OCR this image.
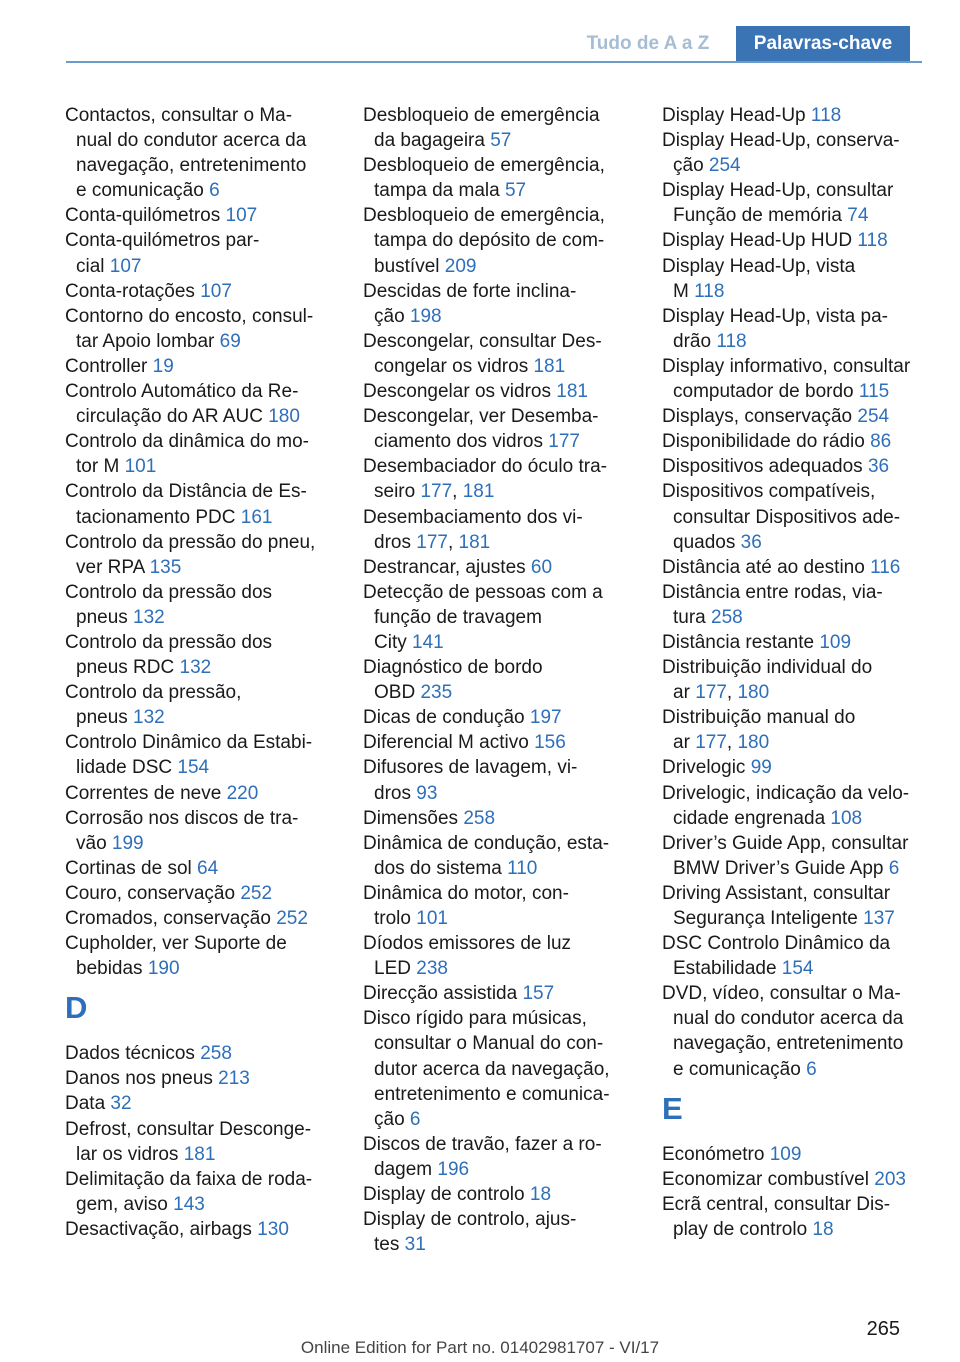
Tudo de A a Z	Palavras-chave
Contactos, consultar o Ma-
nual do condutor acerca da
navegação, entretenimento
e comunicação 6
Conta-quilómetros 107
Conta-quilómetros par-
cial 107
Conta-rotações 107
Contorno do encosto, consul-
tar Apoio lombar 69
Controller 19
Controlo Automático da Re-
circulação do AR AUC 180
Controlo da dinâmica do mo-
tor M 101
Controlo da Distância de Es-
tacionamento PDC 161
Controlo da pressão do pneu,
ver RPA 135
Controlo da pressão dos
pneus 132
Controlo da pressão dos
pneus RDC 132
Controlo da pressão,
pneus 132
Controlo Dinâmico da Estabi-
lidade DSC 154
Correntes de neve 220
Corrosão nos discos de tra-
vão 199
Cortinas de sol 64
Couro, conservação 252
Cromados, conservação 252
Cupholder, ver Suporte de
bebidas 190
D
Dados técnicos 258
Danos nos pneus 213
Data 32
Defrost, consultar Desconge-
lar os vidros 181
Delimitação da faixa de roda-
gem, aviso 143
Desactivação, airbags 130
Desbloqueio de emergência
da bagageira 57
Desbloqueio de emergência,
tampa da mala 57
Desbloqueio de emergência,
tampa do depósito de com-
bustível 209
Descidas de forte inclina-
ção 198
Descongelar, consultar Des-
congelar os vidros 181
Descongelar os vidros 181
Descongelar, ver Desemba-
ciamento dos vidros 177
Desembaciador do óculo tra-
seiro 177, 181
Desembaciamento dos vi-
dros 177, 181
Destrancar, ajustes 60
Detecção de pessoas com a
função de travagem
City 141
Diagnóstico de bordo
OBD 235
Dicas de condução 197
Diferencial M activo 156
Difusores de lavagem, vi-
dros 93
Dimensões 258
Dinâmica de condução, esta-
dos do sistema 110
Dinâmica do motor, con-
trolo 101
Díodos emissores de luz
LED 238
Direcção assistida 157
Disco rígido para músicas,
consultar o Manual do con-
dutor acerca da navegação,
entretenimento e comunica-
ção 6
Discos de travão, fazer a ro-
dagem 196
Display de controlo 18
Display de controlo, ajus-
tes 31
Display Head-Up 118
Display Head-Up, conserva-
ção 254
Display Head-Up, consultar
Função de memória 74
Display Head-Up HUD 118
Display Head-Up, vista
M 118
Display Head-Up, vista pa-
drão 118
Display informativo, consultar
computador de bordo 115
Displays, conservação 254
Disponibilidade do rádio 86
Dispositivos adequados 36
Dispositivos compatíveis,
consultar Dispositivos ade-
quados 36
Distância até ao destino 116
Distância entre rodas, via-
tura 258
Distância restante 109
Distribuição individual do
ar 177, 180
Distribuição manual do
ar 177, 180
Drivelogic 99
Drivelogic, indicação da velo-
cidade engrenada 108
Driver’s Guide App, consultar
BMW Driver’s Guide App 6
Driving Assistant, consultar
Segurança Inteligente 137
DSC Controlo Dinâmico da
Estabilidade 154
DVD, vídeo, consultar o Ma-
nual do condutor acerca da
navegação, entretenimento
e comunicação 6
E
Económetro 109
Economizar combustível 203
Ecrã central, consultar Dis-
play de controlo 18
265
Online Edition for Part no. 01402981707 - VI/17
